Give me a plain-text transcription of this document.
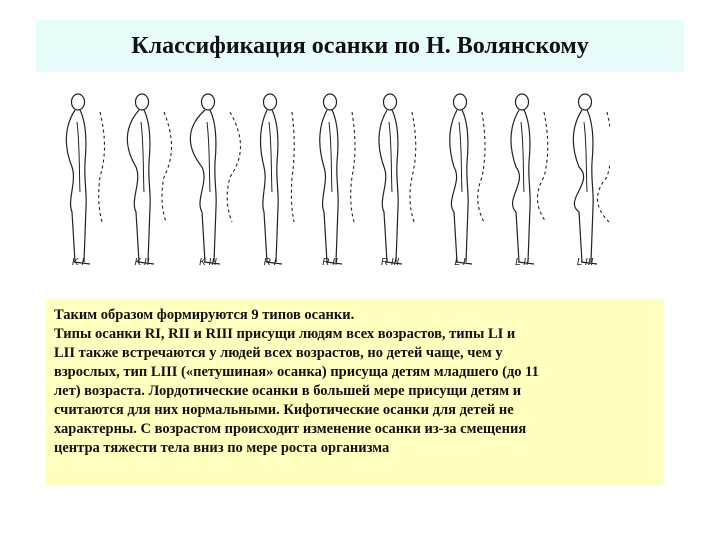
Классификация осанки по Н. Волянскому
K I	K II	K III	R I	R II	R III	L I	L II	L III

Таким образом формируются 9 типов осанки.

Типы осанки RI, RII и RIII присущи людям всех возрастов, типы LI и

LII также встречаются у людей всех возрастов, но детей чаще, чем у

взрослых, тип LIII («петушиная» осанка) присуща детям младшего (до 11

лет) возраста. Лордотические осанки в большей мере присущи детям и

считаются для них нормальными. Кифотические осанки для детей не

характерны. С возрастом происходит изменение осанки из-за смещения

центра тяжести тела вниз по мере роста организма
